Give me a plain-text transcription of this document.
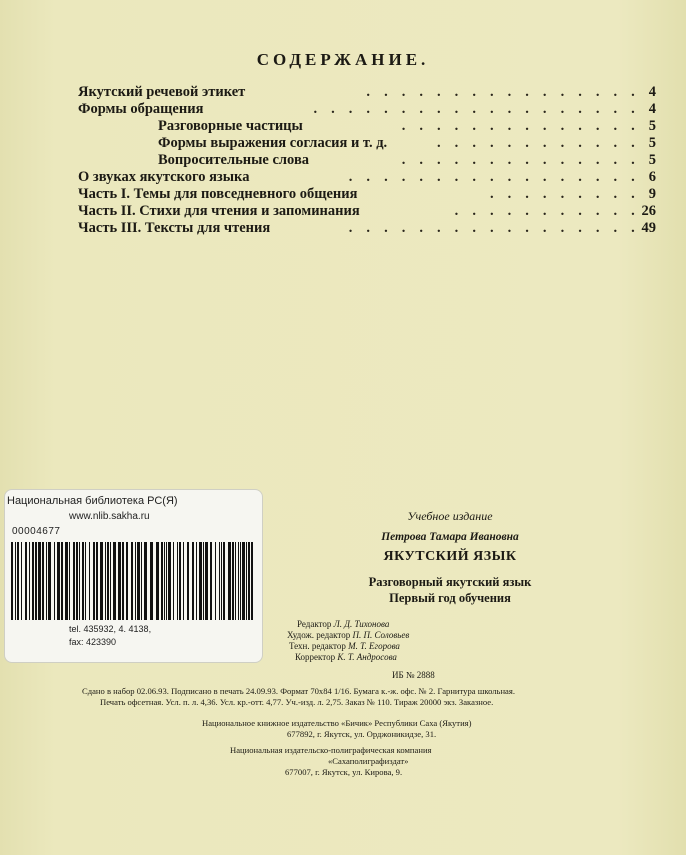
СОДЕРЖАНИЕ.
Якутский речевой этикет	. . . . . . . . . . . . . . . . 4
Формы обращения	. . . . . . . . . . . . . . . . . . . 4
Разговорные частицы	. . . . . . . . . . . . . . 5
Формы выражения согласия и т. д.	. . . . . . . . . . . . 5
Вопросительные слова	. . . . . . . . . . . . . . 5
О звуках якутского языка	. . . . . . . . . . . . . . . . . 6
Часть I. Темы для повседневного общения	. . . . . . . . . 9
Часть II. Стихи для чтения и запоминания	. . . . . . . . . . . 26
Часть III. Тексты для чтения	. . . . . . . . . . . . . . . . . 49
Национальная библиотека РС(Я)
www.nlib.sakha.ru
00004677
tel. 435932, 4. 4138,
fax: 423390
Учебное издание
Петрова Тамара Ивановна
ЯКУТСКИЙ ЯЗЫК
Разговорный якутский язык
Первый год обучения
Редактор Л. Д. Тихонова
Худож. редактор П. П. Соловьев
Техн. редактор М. Т. Егорова
Корректор К. Т. Андросова
ИБ № 2888
Сдано в набор 02.06.93. Подписано в печать 24.09.93. Формат 70х84 1/16. Бумага к.-ж. офс. № 2. Гарнитура школьная.
Печать офсетная. Усл. п. л. 4,36. Усл. кр.-отт. 4,77. Уч.-изд. л. 2,75. Заказ № 110. Тираж 20000 экз. Заказное.
Национальное книжное издательство «Бичик» Республики Саха (Якутия)
677892, г. Якутск, ул. Орджоникидзе, 31.
Национальная издательско-полиграфическая компания
«Сахаполиграфиздат»
677007, г. Якутск, ул. Кирова, 9.
